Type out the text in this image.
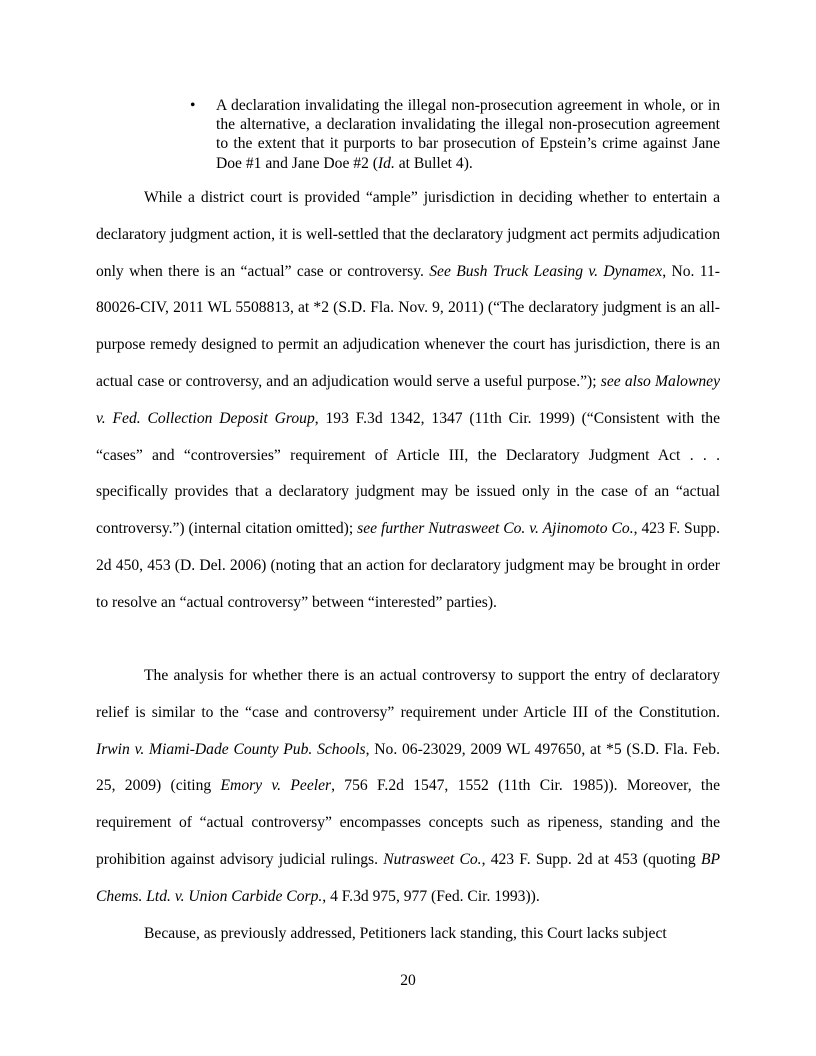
•	A declaration invalidating the illegal non-prosecution agreement in whole, or in the alternative, a declaration invalidating the illegal non-prosecution agreement to the extent that it purports to bar prosecution of Epstein’s crime against Jane Doe #1 and Jane Doe #2 (Id. at Bullet 4).

While a district court is provided “ample” jurisdiction in deciding whether to entertain a declaratory judgment action, it is well-settled that the declaratory judgment act permits adjudication only when there is an “actual” case or controversy. See Bush Truck Leasing v. Dynamex, No. 11-80026-CIV, 2011 WL 5508813, at *2 (S.D. Fla. Nov. 9, 2011) (“The declaratory judgment is an all-purpose remedy designed to permit an adjudication whenever the court has jurisdiction, there is an actual case or controversy, and an adjudication would serve a useful purpose.”); see also Malowney v. Fed. Collection Deposit Group, 193 F.3d 1342, 1347 (11th Cir. 1999) (“Consistent with the “cases” and “controversies” requirement of Article III, the Declaratory Judgment Act . . . specifically provides that a declaratory judgment may be issued only in the case of an “actual controversy.”) (internal citation omitted); see further Nutrasweet Co. v. Ajinomoto Co., 423 F. Supp. 2d 450, 453 (D. Del. 2006) (noting that an action for declaratory judgment may be brought in order to resolve an “actual controversy” between “interested” parties).

The analysis for whether there is an actual controversy to support the entry of declaratory relief is similar to the “case and controversy” requirement under Article III of the Constitution. Irwin v. Miami-Dade County Pub. Schools, No. 06-23029, 2009 WL 497650, at *5 (S.D. Fla. Feb. 25, 2009) (citing Emory v. Peeler, 756 F.2d 1547, 1552 (11th Cir. 1985)). Moreover, the requirement of “actual controversy” encompasses concepts such as ripeness, standing and the prohibition against advisory judicial rulings. Nutrasweet Co., 423 F. Supp. 2d at 453 (quoting BP Chems. Ltd. v. Union Carbide Corp., 4 F.3d 975, 977 (Fed. Cir. 1993)).

Because, as previously addressed, Petitioners lack standing, this Court lacks subject

20
